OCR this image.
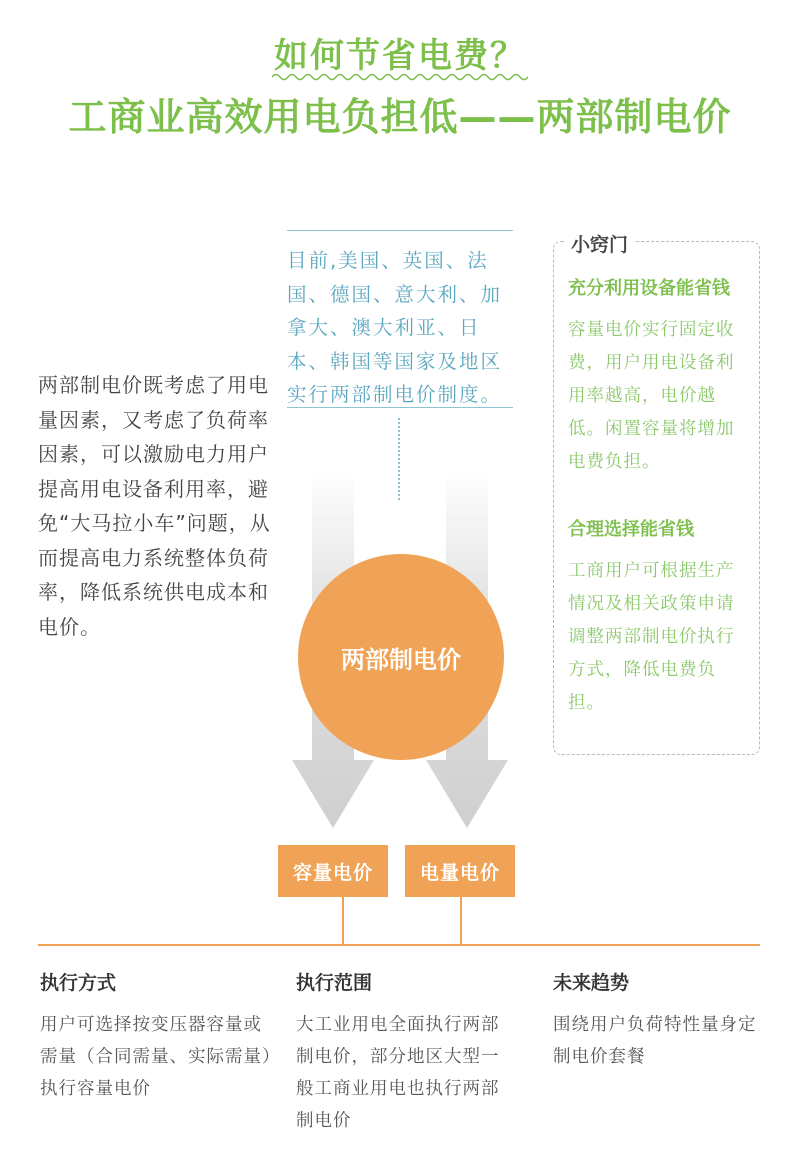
如何节省电费？
工商业高效用电负担低——两部制电价
两部制电价既考虑了用电量因素，又考虑了负荷率因素，可以激励电力用户提高用电设备利用率，避免“大马拉小车”问题，从而提高电力系统整体负荷率，降低系统供电成本和电价。
目前,美国、英国、法国、德国、意大利、加拿大、澳大利亚、日本、韩国等国家及地区实行两部制电价制度。
两部制电价
小窍门
充分利用设备能省钱
容量电价实行固定收费，用户用电设备利用率越高，电价越低。闲置容量将增加电费负担。
合理选择能省钱
工商用户可根据生产情况及相关政策申请调整两部制电价执行方式，降低电费负担。
容量电价 电量电价
执行方式
用户可选择按变压器容量或需量（合同需量、实际需量）执行容量电价
执行范围
大工业用电全面执行两部制电价，部分地区大型一般工商业用电也执行两部制电价
未来趋势
围绕用户负荷特性量身定制电价套餐
